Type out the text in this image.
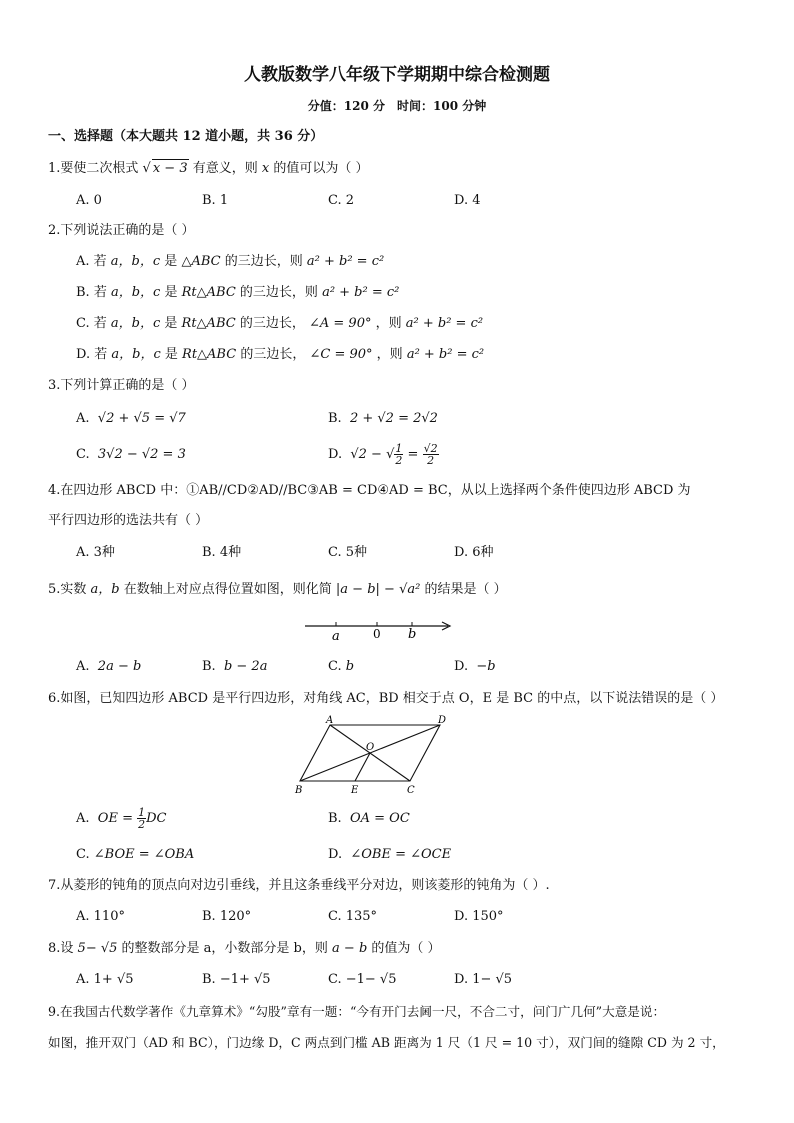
人教版数学八年级下学期期中综合检测题
分值：120 分　时间：100 分钟
一、选择题（本大题共 12 道小题，共 36 分）
1.要使二次根式 √ x − 3 有意义，则 x 的值可以为（ ）
A. 0	B. 1	C. 2	D. 4
2.下列说法正确的是（ ）
A. 若 a，b，c 是 △ABC 的三边长，则 a² + b² = c²
B. 若 a，b，c 是 Rt△ABC 的三边长，则 a² + b² = c²
C. 若 a，b，c 是 Rt△ABC 的三边长， ∠A = 90° ，则 a² + b² = c²
D. 若 a，b，c 是 Rt△ABC 的三边长， ∠C = 90° ，则 a² + b² = c²
3.下列计算正确的是（ ）
A. √2 + √5 = √7	B. 2 + √2 = 2√2
C. 3√2 − √2 = 3	D. √2 − √ $\frac{1}{2} = \frac{√2}{2}$
4.在四边形 ABCD 中：①AB//CD②AD//BC③AB = CD④AD = BC，从以上选择两个条件使四边形 ABCD 为
平行四边形的选法共有（ ）
A. 3种	B. 4种	C. 5种	D. 6种
5.实数 a，b 在数轴上对应点得位置如图，则化简 |a − b| − √a² 的结果是（ ）
a	0 b
A. 2a − b	B. b − 2a	C. b	D. −b
6.如图，已知四边形 ABCD 是平行四边形，对角线 AC，BD 相交于点 O，E 是 BC 的中点，以下说法错误的是（ ）
A	D
O
B	E	C
A. OE = $\frac{1}{2}$ DC	B. OA = OC
C. ∠BOE = ∠OBA	D. ∠OBE = ∠OCE
7.从菱形的钝角的顶点向对边引垂线，并且这条垂线平分对边，则该菱形的钝角为（ ）.
A. 110°	B. 120°	C. 135°	D. 150°
8.设 5− √5 的整数部分是 a，小数部分是 b，则 a − b 的值为（ ）
A. 1+ √5	B. −1+ √5	C. −1− √5	D. 1− √5
9.在我国古代数学著作《九章算术》“勾股”章有一题：“今有开门去阃一尺，不合二寸，问门广几何”大意是说：
如图，推开双门（AD 和 BC），门边缘 D，C 两点到门槛 AB 距离为 1 尺（1 尺 = 10 寸），双门间的缝隙 CD 为 2 寸，
